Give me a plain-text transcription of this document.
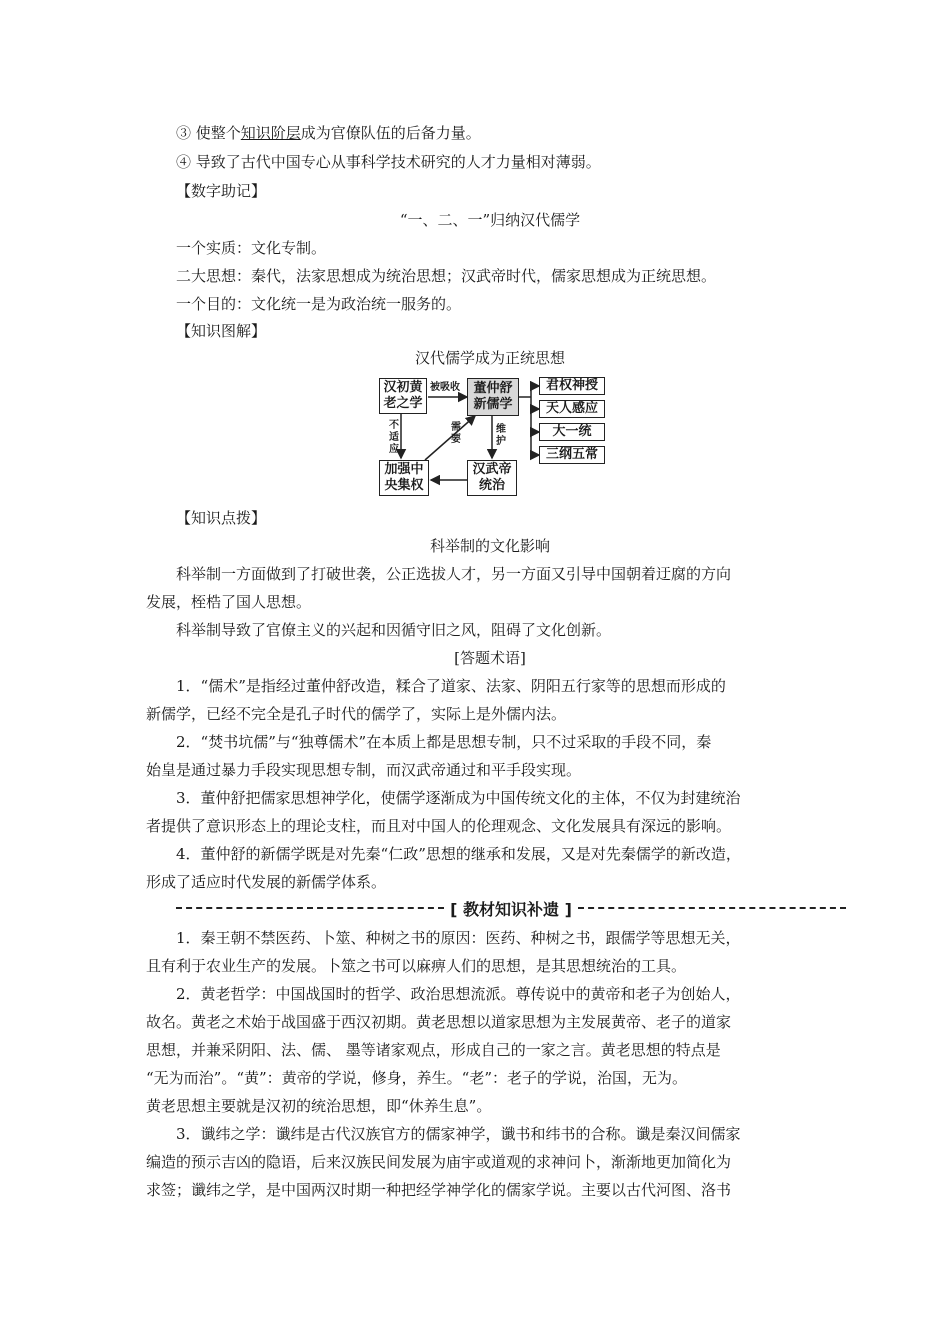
③ 使整个知识阶层成为官僚队伍的后备力量。
④ 导致了古代中国专心从事科学技术研究的人才力量相对薄弱。
【数字助记】
“一、二、一”归纳汉代儒学
一个实质：文化专制。
二大思想：秦代，法家思想成为统治思想；汉武帝时代，儒家思想成为正统思想。
一个目的：文化统一是为政治统一服务的。
【知识图解】
汉代儒学成为正统思想
汉初黄老之学
董仲舒新儒学
加强中央集权
汉武帝统治
君权神授
天人感应
大一统
三纲五常
被吸收
不适应
需要
维护
【知识点拨】
科举制的文化影响
科举制一方面做到了打破世袭，公正选拔人才，另一方面又引导中国朝着迂腐的方向
发展，桎梏了国人思想。
科举制导致了官僚主义的兴起和因循守旧之风，阻碍了文化创新。
[答题术语]
1．“儒术”是指经过董仲舒改造，糅合了道家、法家、阴阳五行家等的思想而形成的
新儒学，已经不完全是孔子时代的儒学了，实际上是外儒内法。
2．“焚书坑儒”与“独尊儒术”在本质上都是思想专制，只不过采取的手段不同，秦
始皇是通过暴力手段实现思想专制，而汉武帝通过和平手段实现。
3．董仲舒把儒家思想神学化，使儒学逐渐成为中国传统文化的主体，不仅为封建统治
者提供了意识形态上的理论支柱，而且对中国人的伦理观念、文化发展具有深远的影响。
4．董仲舒的新儒学既是对先秦“仁政”思想的继承和发展，又是对先秦儒学的新改造，
形成了适应时代发展的新儒学体系。
[ 教材知识补遗 ]
1．秦王朝不禁医药、卜筮、种树之书的原因：医药、种树之书，跟儒学等思想无关，
且有利于农业生产的发展。卜筮之书可以麻痹人们的思想，是其思想统治的工具。
2．黄老哲学：中国战国时的哲学、政治思想流派。尊传说中的黄帝和老子为创始人，
故名。黄老之术始于战国盛于西汉初期。黄老思想以道家思想为主发展黄帝、老子的道家
思想，并兼采阴阳、法、儒、 墨等诸家观点，形成自己的一家之言。黄老思想的特点是
“无为而治”。“黄”：黄帝的学说，修身，养生。“老”：老子的学说，治国，无为。
黄老思想主要就是汉初的统治思想，即“休养生息”。
3．谶纬之学：谶纬是古代汉族官方的儒家神学，谶书和纬书的合称。谶是秦汉间儒家
编造的预示吉凶的隐语，后来汉族民间发展为庙宇或道观的求神问卜，渐渐地更加简化为
求签；谶纬之学，是中国两汉时期一种把经学神学化的儒家学说。主要以古代河图、洛书
